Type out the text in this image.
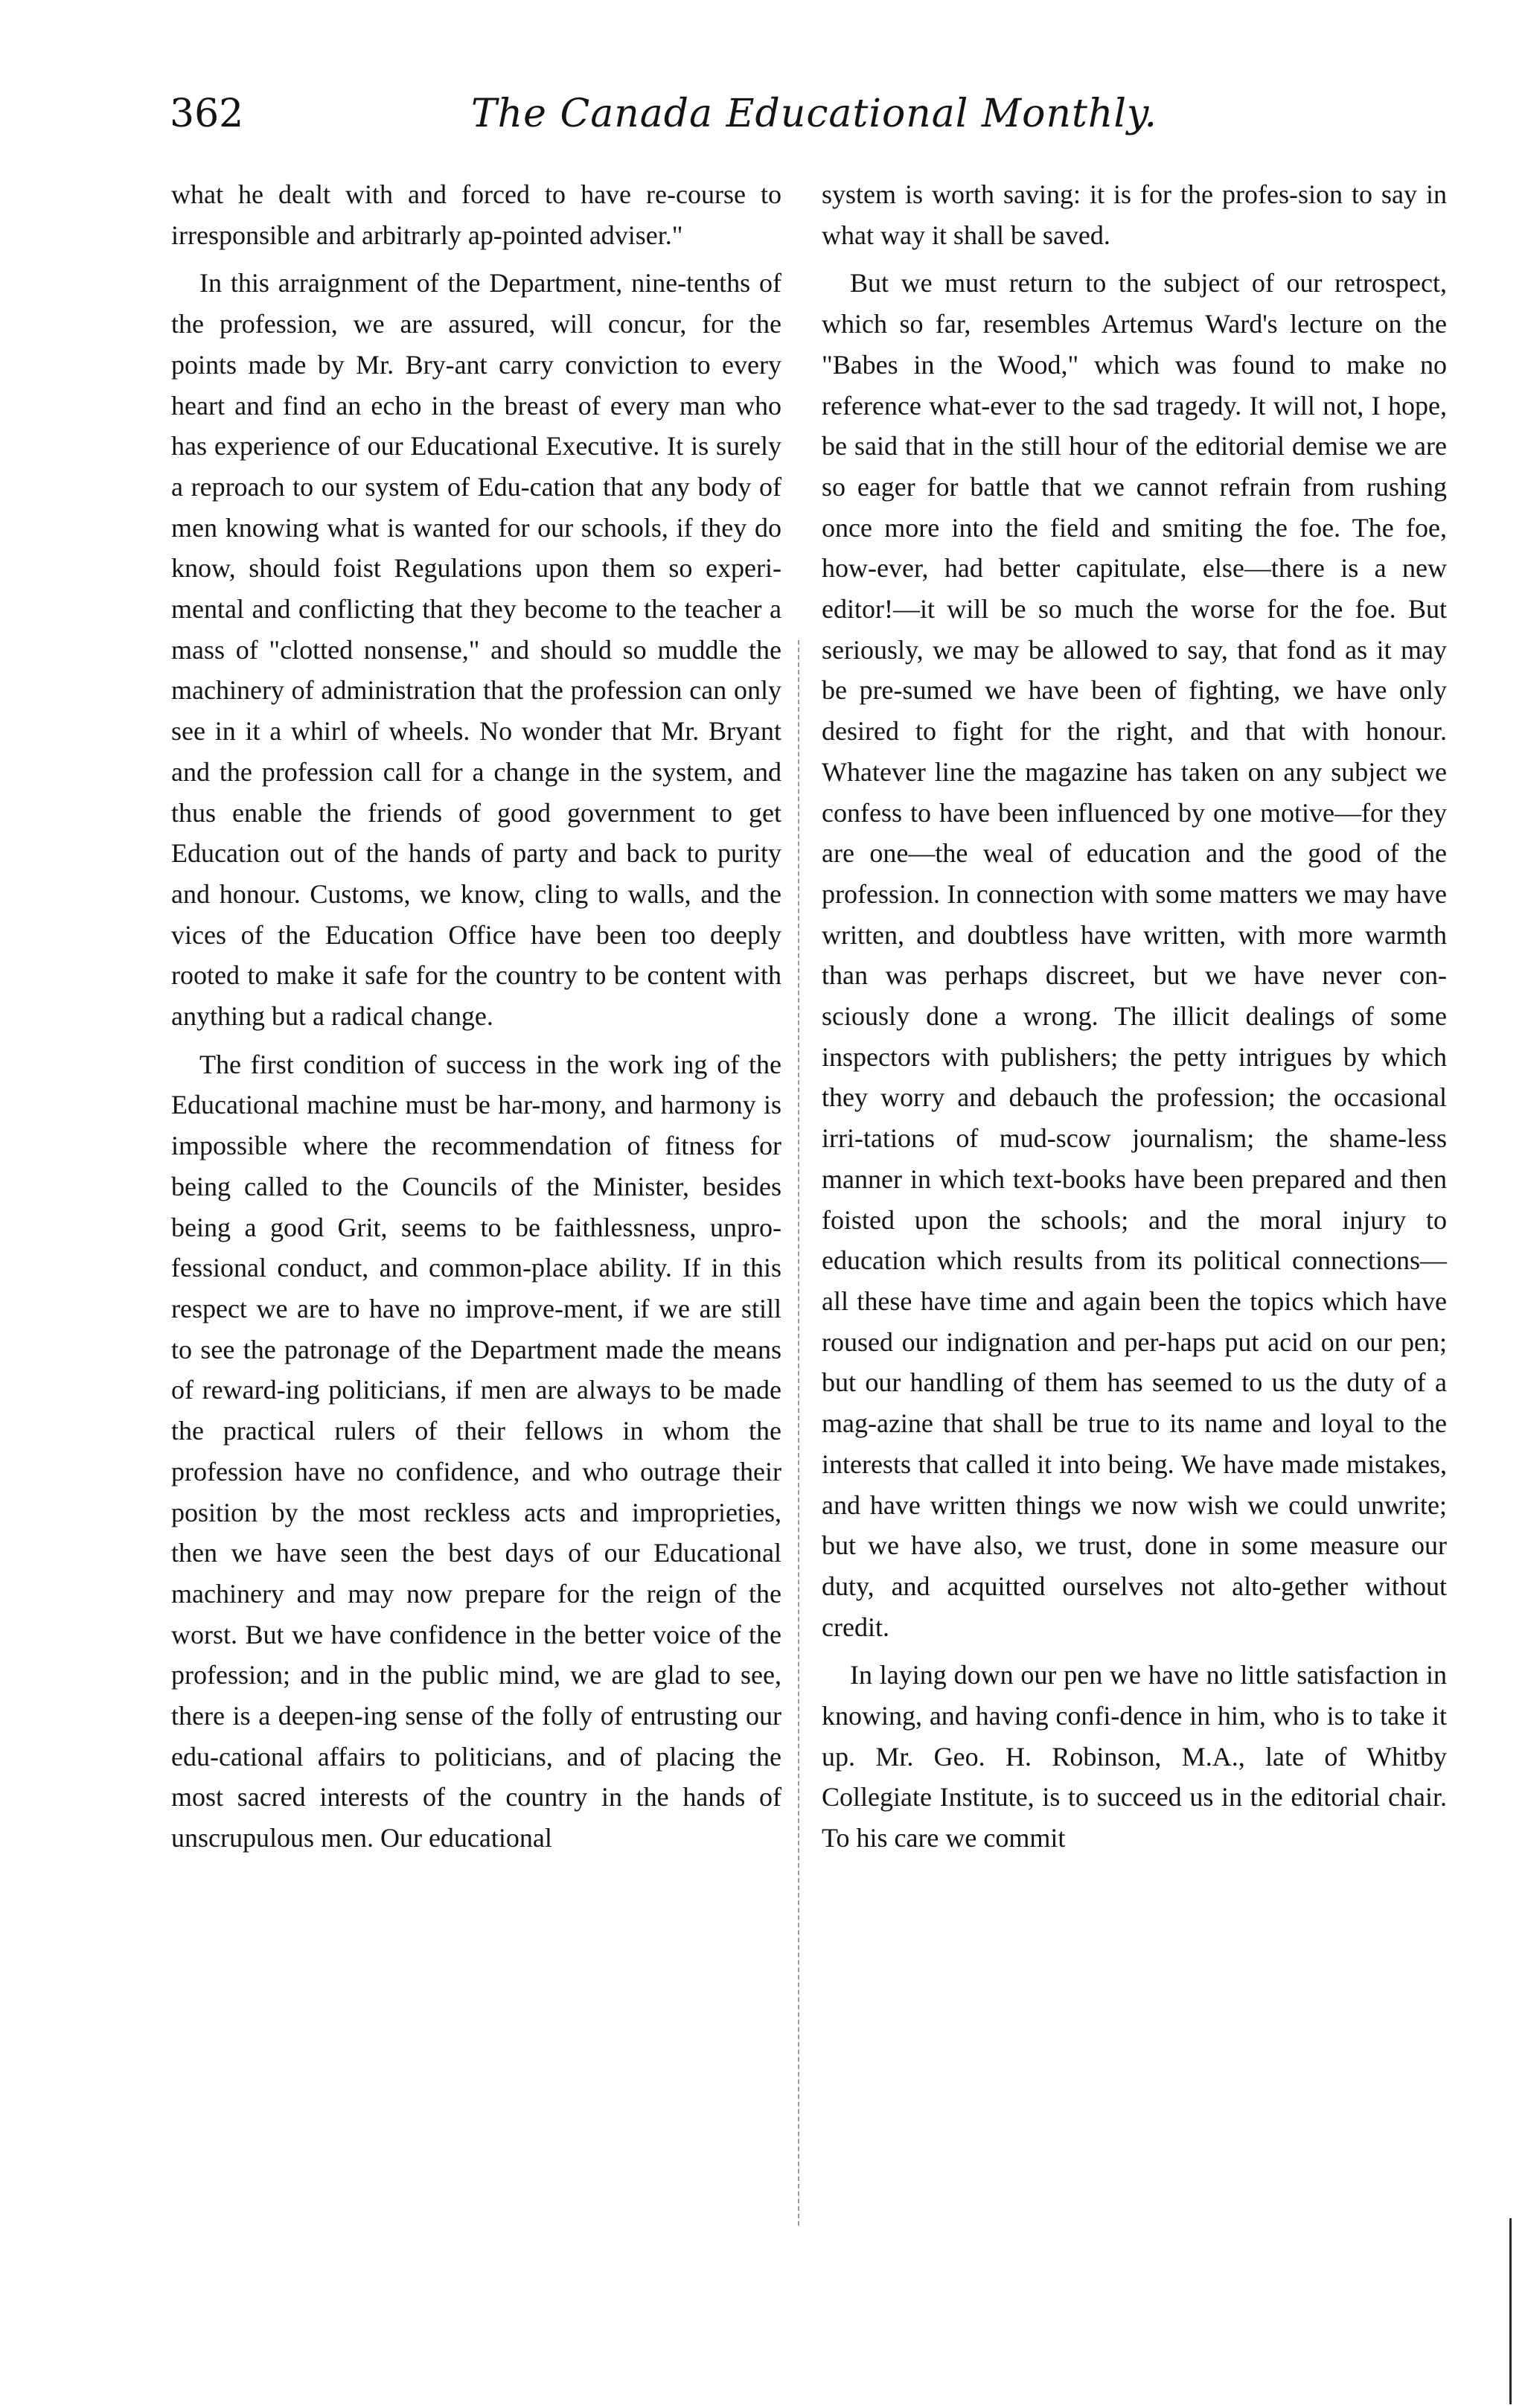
362	The Canada Educational Monthly.

what he dealt with and forced to have re-course to irresponsible and arbitrarly ap-pointed adviser."

In this arraignment of the Department, nine-tenths of the profession, we are assured, will concur, for the points made by Mr. Bry-ant carry conviction to every heart and find an echo in the breast of every man who has experience of our Educational Executive. It is surely a reproach to our system of Edu-cation that any body of men knowing what is wanted for our schools, if they do know, should foist Regulations upon them so experi-mental and conflicting that they become to the teacher a mass of "clotted nonsense," and should so muddle the machinery of administration that the profession can only see in it a whirl of wheels. No wonder that Mr. Bryant and the profession call for a change in the system, and thus enable the friends of good government to get Education out of the hands of party and back to purity and honour. Customs, we know, cling to walls, and the vices of the Education Office have been too deeply rooted to make it safe for the country to be content with anything but a radical change.

The first condition of success in the work ing of the Educational machine must be har-mony, and harmony is impossible where the recommendation of fitness for being called to the Councils of the Minister, besides being a good Grit, seems to be faithlessness, unpro-fessional conduct, and common-place ability. If in this respect we are to have no improve-ment, if we are still to see the patronage of the Department made the means of reward-ing politicians, if men are always to be made the practical rulers of their fellows in whom the profession have no confidence, and who outrage their position by the most reckless acts and improprieties, then we have seen the best days of our Educational machinery and may now prepare for the reign of the worst. But we have confidence in the better voice of the profession; and in the public mind, we are glad to see, there is a deepen-ing sense of the folly of entrusting our edu-cational affairs to politicians, and of placing the most sacred interests of the country in the hands of unscrupulous men. Our educational

system is worth saving: it is for the profes-sion to say in what way it shall be saved.

But we must return to the subject of our retrospect, which so far, resembles Artemus Ward's lecture on the "Babes in the Wood," which was found to make no reference what-ever to the sad tragedy. It will not, I hope, be said that in the still hour of the editorial demise we are so eager for battle that we cannot refrain from rushing once more into the field and smiting the foe. The foe, how-ever, had better capitulate, else—there is a new editor!—it will be so much the worse for the foe. But seriously, we may be allowed to say, that fond as it may be pre-sumed we have been of fighting, we have only desired to fight for the right, and that with honour. Whatever line the magazine has taken on any subject we confess to have been influenced by one motive—for they are one—the weal of education and the good of the profession. In connection with some matters we may have written, and doubtless have written, with more warmth than was perhaps discreet, but we have never con-sciously done a wrong. The illicit dealings of some inspectors with publishers; the petty intrigues by which they worry and debauch the profession; the occasional irri-tations of mud-scow journalism; the shame-less manner in which text-books have been prepared and then foisted upon the schools; and the moral injury to education which results from its political connections—all these have time and again been the topics which have roused our indignation and per-haps put acid on our pen; but our handling of them has seemed to us the duty of a mag-azine that shall be true to its name and loyal to the interests that called it into being. We have made mistakes, and have written things we now wish we could unwrite; but we have also, we trust, done in some measure our duty, and acquitted ourselves not alto-gether without credit.

In laying down our pen we have no little satisfaction in knowing, and having confi-dence in him, who is to take it up. Mr. Geo. H. Robinson, M.A., late of Whitby Collegiate Institute, is to succeed us in the editorial chair. To his care we commit
